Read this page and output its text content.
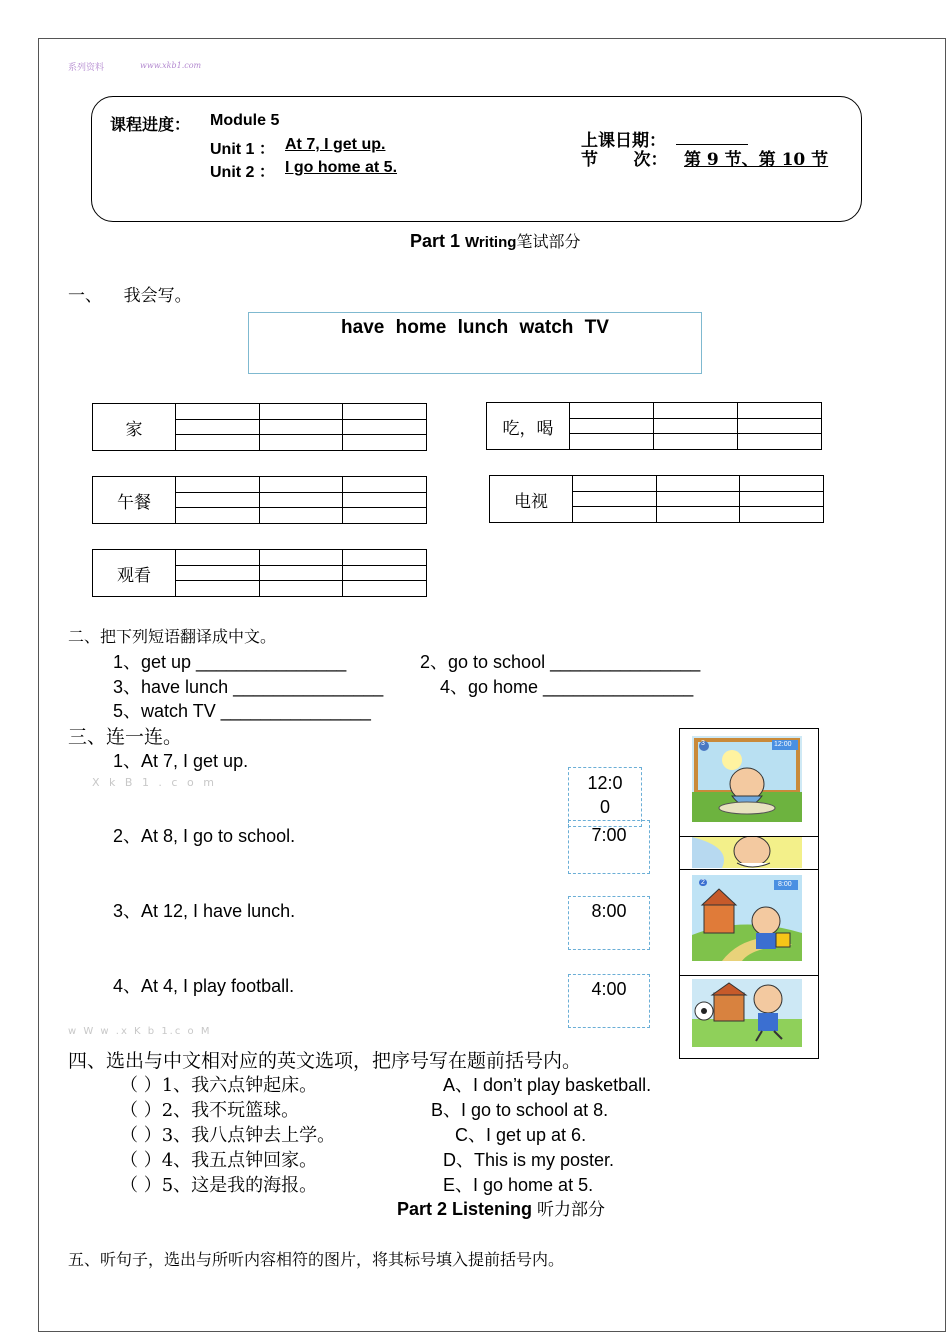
系列资料	www.xkb1.com
课程进度： Module 5
Unit 1 ： At 7, I get up.
Unit 2 ： I go home at 5.
上课日期：
节      次： 第 9 节、第 10 节
Part 1 Writing笔试部分
一、    我会写。
have home lunch watch TV
家	吃，喝
午餐	电视
观看
二、把下列短语翻译成中文。
1、get up _______________	2、go to school _______________
3、have lunch _______________	4、go home _______________
5、watch TV _______________
三、连一连。
1、At 7, I get up.
X k B 1 . c o m
2、At 8, I go to school.
3、At 12, I have lunch.
4、At 4, I play football.
12:0
0
7:00
8:00
4:00
3	12:00
2	8:00
w W w .x K b 1.c o M
四、选出与中文相对应的英文选项，把序号写在题前括号内。
（ ）1、我六点钟起床。
（ ）2、我不玩篮球。
（ ）3、我八点钟去上学。
（ ）4、我五点钟回家。
（ ）5、这是我的海报。
A、I don’t play basketball.
B、I go to school at 8.
C、I get up at 6.
D、This is my poster.
E、I go home at 5.
Part 2 Listening 听力部分
五、听句子，选出与所听内容相符的图片，将其标号填入提前括号内。
